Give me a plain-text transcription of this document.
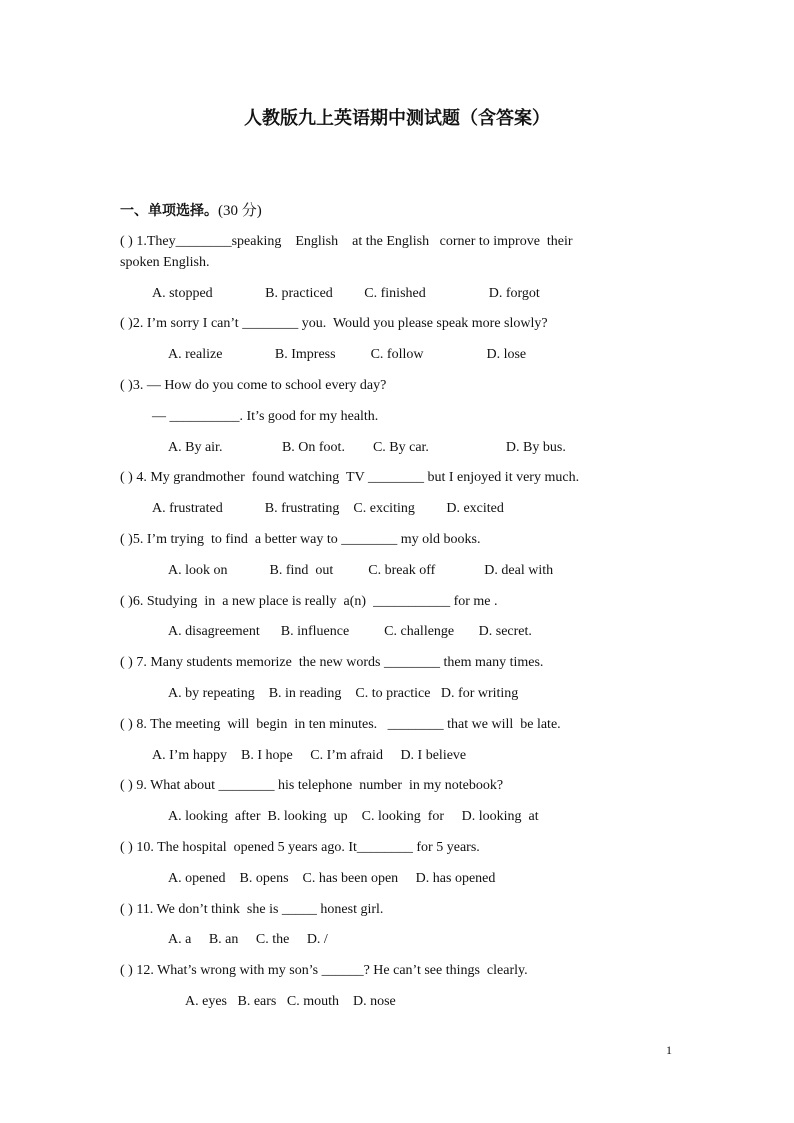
人教版九上英语期中测试题（含答案）
一、单项选择。(30 分)
( ) 1.They________speaking    English    at the English   corner to improve  their
spoken English.
A. stopped               B. practiced         C. finished                  D. forgot
( )2. I’m sorry I can’t ________ you.  Would you please speak more slowly?
A. realize               B. Impress          C. follow                  D. lose
( )3. — How do you come to school every day?
— __________. It’s good for my health.
A. By air.                 B. On foot.        C. By car.                      D. By bus.
( ) 4. My grandmother  found watching  TV ________ but I enjoyed it very much.
A. frustrated            B. frustrating    C. exciting         D. excited
( )5. I’m trying  to find  a better way to ________ my old books.
A. look on            B. find  out          C. break off              D. deal with
( )6. Studying  in  a new place is really  a(n)  ___________ for me .
A. disagreement      B. influence          C. challenge       D. secret.
( ) 7. Many students memorize  the new words ________ them many times.
A. by repeating    B. in reading    C. to practice   D. for writing
( ) 8. The meeting  will  begin  in ten minutes.   ________ that we will  be late.
A. I’m happy    B. I hope     C. I’m afraid     D. I believe
( ) 9. What about ________ his telephone  number  in my notebook?
A. looking  after  B. looking  up    C. looking  for     D. looking  at
( ) 10. The hospital  opened 5 years ago. It________ for 5 years.
A. opened    B. opens    C. has been open     D. has opened
( ) 11. We don’t think  she is _____ honest girl.
A. a     B. an     C. the     D. /
( ) 12. What’s wrong with my son’s ______? He can’t see things  clearly.
A. eyes   B. ears   C. mouth    D. nose
1
